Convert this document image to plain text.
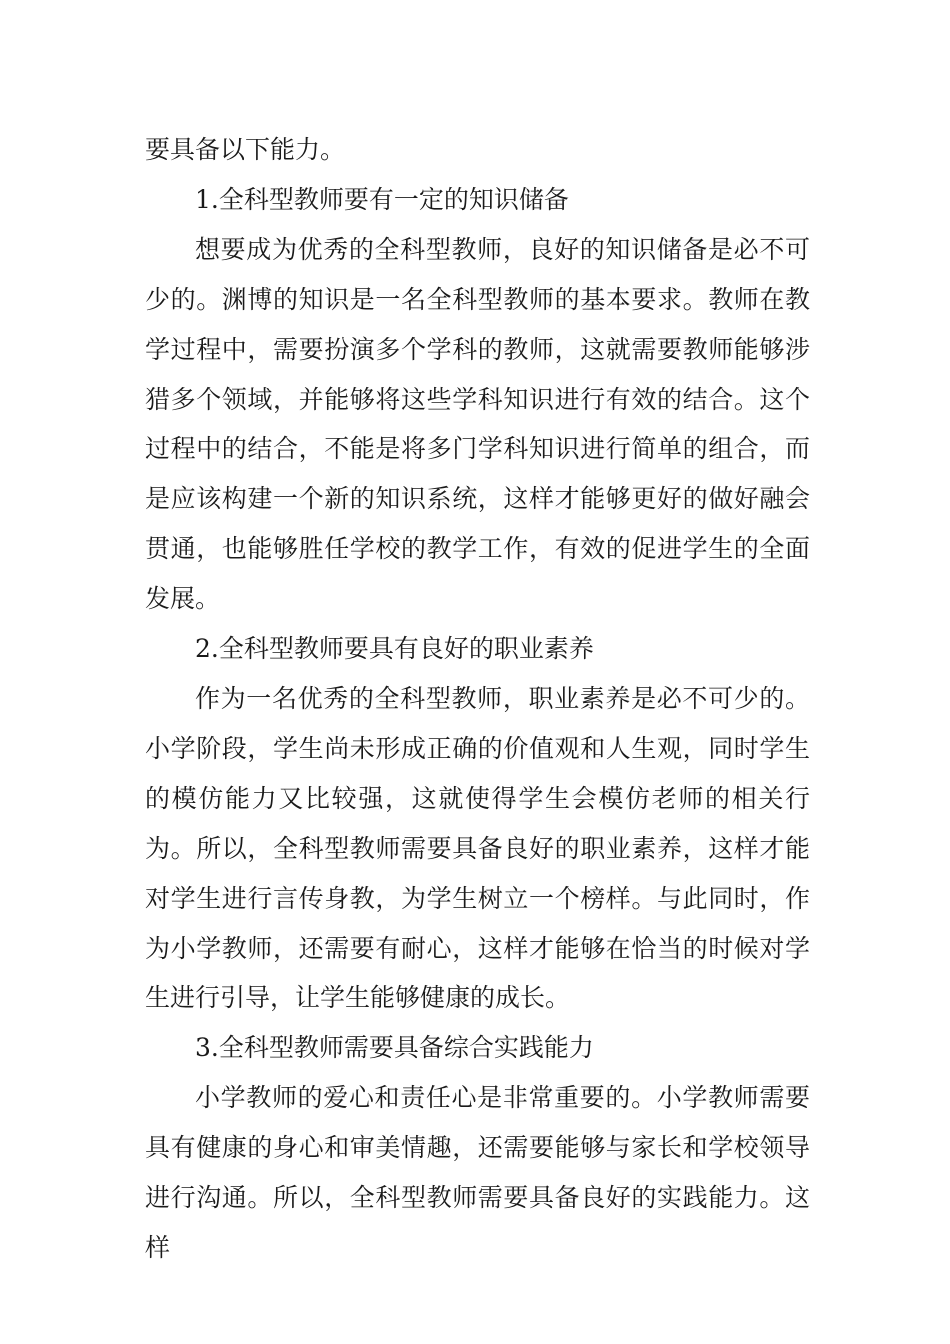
要具备以下能力。

1.全科型教师要有一定的知识储备

想要成为优秀的全科型教师，良好的知识储备是必不可少的。渊博的知识是一名全科型教师的基本要求。教师在教学过程中，需要扮演多个学科的教师，这就需要教师能够涉猎多个领域，并能够将这些学科知识进行有效的结合。这个过程中的结合，不能是将多门学科知识进行简单的组合，而是应该构建一个新的知识系统，这样才能够更好的做好融会贯通，也能够胜任学校的教学工作，有效的促进学生的全面发展。

2.全科型教师要具有良好的职业素养

作为一名优秀的全科型教师，职业素养是必不可少的。小学阶段，学生尚未形成正确的价值观和人生观，同时学生的模仿能力又比较强，这就使得学生会模仿老师的相关行为。所以，全科型教师需要具备良好的职业素养，这样才能对学生进行言传身教，为学生树立一个榜样。与此同时，作为小学教师，还需要有耐心，这样才能够在恰当的时候对学生进行引导，让学生能够健康的成长。

3.全科型教师需要具备综合实践能力

小学教师的爱心和责任心是非常重要的。小学教师需要具有健康的身心和审美情趣，还需要能够与家长和学校领导进行沟通。所以，全科型教师需要具备良好的实践能力。这样
